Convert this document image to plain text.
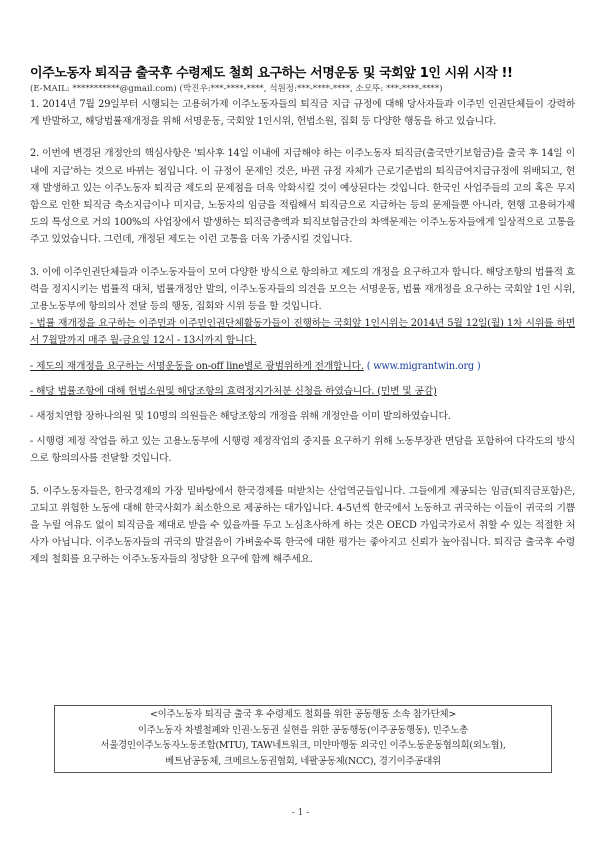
이주노동자 퇴직금 출국후 수령제도 철회 요구하는 서명운동 및 국회앞 1인 시위 시작 !!
(E-MAIL: ***********@gmail.com) (박진우:***-****-****, 석원정:***-****-****, 소모뚜: ***-****-****)

1. 2014년 7월 29일부터 시행되는 고용허가제 이주노동자들의 퇴직금 지급 규정에 대해 당사자들과 이주민 인권단체들이 강력하게 반발하고, 해당법률재개정을 위해 서명운동, 국회앞 1인시위, 헌법소원, 집회 등 다양한 행동을 하고 있습니다.

2. 이번에 변경된 개정안의 핵심사항은 '퇴사후 14일 이내에 지급해야 하는 이주노동자 퇴직금(출국만기보험금)을 출국 후 14일 이내에 지급'하는 것으로 바뀌는 점입니다. 이 규정이 문제인 것은, 바뀐 규정 자체가 근로기준법의 퇴직금여지급규정에 위배되고, 현재 발생하고 있는 이주노동자 퇴직금 제도의 문제점을 더욱 악화시킬 것이 예상된다는 것입니다. 한국인 사업주들의 고의 혹은 무지함으로 인한 퇴직금 축소지급이나 미지급, 노동자의 임금을 적립해서 퇴직금으로 지급하는 등의 문제들뿐 아니라, 현행 고용허가제도의 특성으로 거의 100%의 사업장에서 발생하는 퇴직금총액과 퇴직보험금간의 차액문제는 이주노동자들에게 일상적으로 고통을 주고 있었습니다. 그런데, 개정된 제도는 이런 고통을 더욱 가중시킬 것입니다.

3. 이에 이주인권단체들과 이주노동자들이 모여 다양한 방식으로 항의하고 제도의 개정을 요구하고자 합니다. 해당조항의 법률적 효력을 정지시키는 법률적 대처, 법률개정안 발의, 이주노동자들의 의견을 모으는 서명운동, 법률 재개정을 요구하는 국회앞 1인 시위, 고용노동부에 항의의사 전달 등의 행동, 집회와 시위 등을 할 것입니다.

- 법률 재개정을 요구하는 이주민과 이주민인권단체활동가들이 진행하는 국회앞 1인시위는 2014년 5월 12일(월) 1차 시위를 하면서 7월말까지 매주 월-금요일 12시 - 13시까지 합니다.

- 제도의 재개정을 요구하는 서명운동을 on-off line별로 광범위하게 전개합니다. ( www.migrantwin.org )

- 해당 법률조항에 대해 헌법소원및 해당조항의 효력정지가처분 신청을 하였습니다. (민변 및 공감)

- 새정치연합 장하나의원 및 10명의 의원들은 해당조항의 개정을 위해 개정안을 이미 발의하였습니다.

- 시행령 제정 작업을 하고 있는 고용노동부에 시행령 제정작업의 중지를 요구하기 위해 노동부장관 면담을 포함하여 다각도의 방식으로 항의의사를 전달할 것입니다.

5. 이주노동자들은, 한국경제의 가장 밑바탕에서 한국경제를 떠받치는 산업역군들입니다. 그들에게 제공되는 임금(퇴직금포함)은, 고되고 위험한 노동에 대해 한국사회가 최소한으로 제공하는 대가입니다. 4-5년씩 한국에서 노동하고 귀국하는 이들이 귀국의 기쁨을 누릴 여유도 없이 퇴직금을 제대로 받을 수 있을까를 두고 노심초사하게 하는 것은 OECD 가입국가로서 취할 수 있는 적절한 처사가 아닙니다. 이주노동자들의 귀국의 발걸음이 가벼울수록 한국에 대한 평가는 좋아지고 신뢰가 높아집니다. 퇴직금 출국후 수령제의 철회를 요구하는 이주노동자들의 정당한 요구에 함께 해주세요.

<이주노동자 퇴직금 출국 후 수령제도 철회를 위한 공동행동 소속 참가단체>
이주노동자 차별철폐와 인권·노동권 실현을 위한 공동행동(이주공동행동), 민주노총
서울경인이주노동자노동조합(MTU), TAW네트워크, 미얀마행동 외국인 이주노동운동협의회(외노협),
베트남공동체, 크메르노동권협회, 네팔공동체(NCC), 경기이주공대위
- 1 -
